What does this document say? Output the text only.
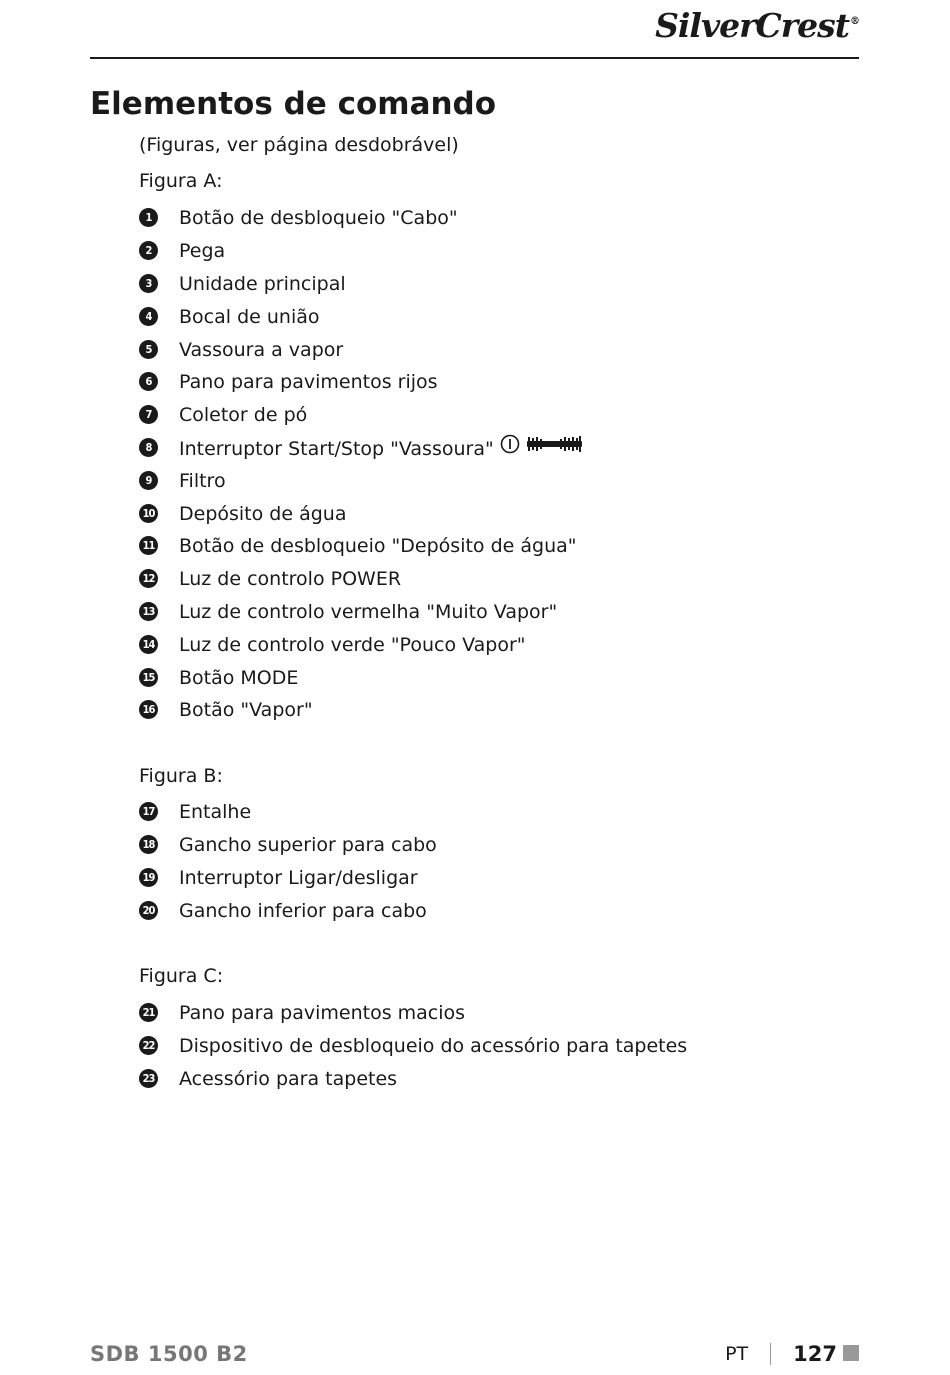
SilverCrest®
Elementos de comando
(Figuras, ver página desdobrável)
Figura A:
1	Botão de desbloqueio "Cabo"
2	Pega
3	Unidade principal
4	Bocal de união
5	Vassoura a vapor
6	Pano para pavimentos rijos
7	Coletor de pó
8	Interruptor Start/Stop "Vassoura"
9	Filtro
10 Depósito de água
11 Botão de desbloqueio "Depósito de água"
12 Luz de controlo POWER
13 Luz de controlo vermelha "Muito Vapor"
14 Luz de controlo verde "Pouco Vapor"
15 Botão MODE
16 Botão "Vapor"
Figura B:
17 Entalhe
18 Gancho superior para cabo
19 Interruptor Ligar/desligar
20 Gancho inferior para cabo
Figura C:
21 Pano para pavimentos macios
22 Dispositivo de desbloqueio do acessório para tapetes
23 Acessório para tapetes
SDB 1500 B2	PT 127
